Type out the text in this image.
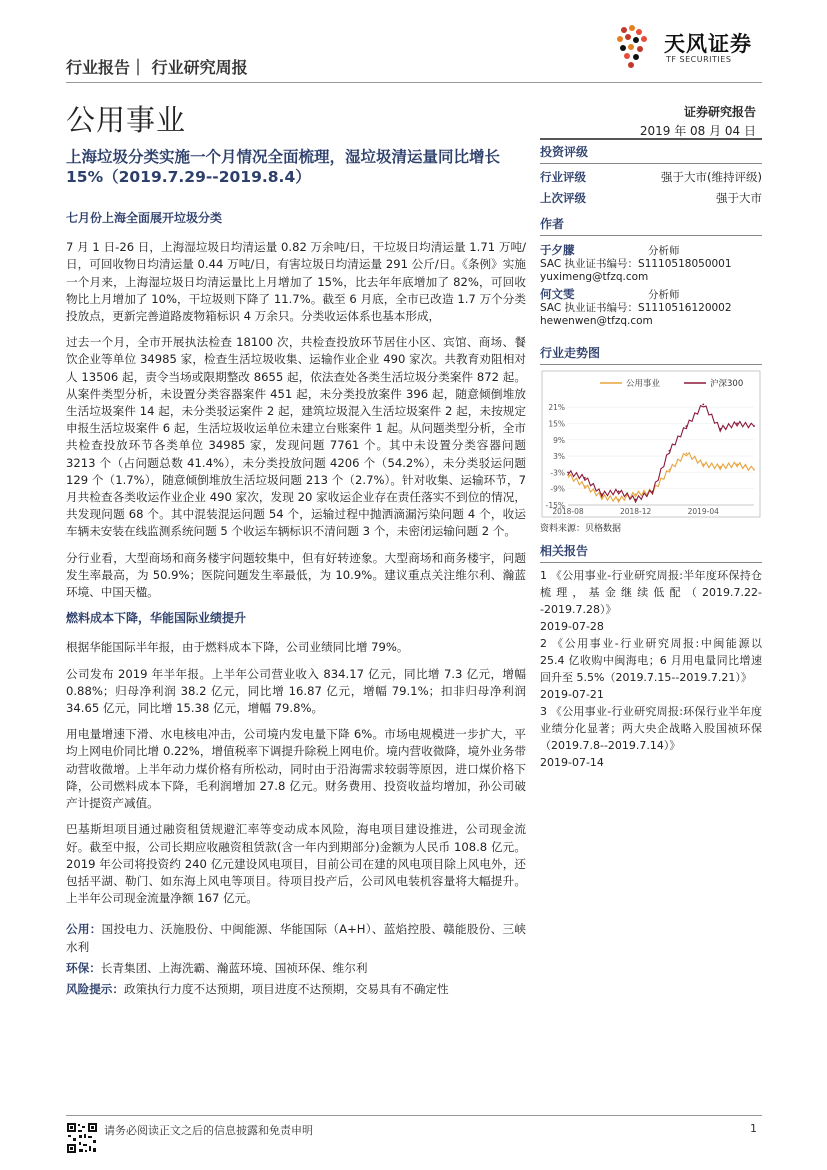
行业报告｜ 行业研究周报
天风证券
TF SECURITIES
公用事业	证券研究报告
2019 年 08 月 04 日
上海垃圾分类实施一个月情况全面梳理，湿垃圾清运量同比增长 15%（2019.7.29--2019.8.4）
七月份上海全面展开垃圾分类

7 月 1 日-26 日，上海湿垃圾日均清运量 0.82 万余吨/日，干垃圾日均清运量 1.71 万吨/日，可回收物日均清运量 0.44 万吨/日，有害垃圾日均清运量 291 公斤/日。《条例》实施一个月来，上海湿垃圾日均清运量比上月增加了 15%，比去年年底增加了 82%，可回收物比上月增加了 10%，干垃圾则下降了 11.7%。截至 6 月底，全市已改造 1.7 万个分类投放点，更新完善道路废物箱标识 4 万余只。分类收运体系也基本形成，

过去一个月，全市开展执法检查 18100 次，共检查投放环节居住小区、宾馆、商场、餐饮企业等单位 34985 家，检查生活垃圾收集、运输作业企业 490 家次。共教育劝阻相对人 13506 起，责令当场或限期整改 8655 起，依法查处各类生活垃圾分类案件 872 起。从案件类型分析，未设置分类容器案件 451 起，未分类投放案件 396 起，随意倾倒堆放生活垃圾案件 14 起，未分类驳运案件 2 起，建筑垃圾混入生活垃圾案件 2 起，未按规定申报生活垃圾案件 6 起，生活垃圾收运单位未建立台账案件 1 起。从问题类型分析，全市共检查投放环节各类单位 34985 家，发现问题 7761 个。其中未设置分类容器问题 3213 个（占问题总数 41.4%），未分类投放问题 4206 个（54.2%），未分类驳运问题 129 个（1.7%），随意倾倒堆放生活垃圾问题 213 个（2.7%）。针对收集、运输环节，7 月共检查各类收运作业企业 490 家次，发现 20 家收运企业存在责任落实不到位的情况，共发现问题 68 个。其中混装混运问题 54 个，运输过程中抛洒滴漏污染问题 4 个，收运车辆未安装在线监测系统问题 5 个收运车辆标识不清问题 3 个，未密闭运输问题 2 个。

分行业看，大型商场和商务楼宇问题较集中，但有好转迹象。大型商场和商务楼宇，问题发生率最高，为 50.9%；医院问题发生率最低，为 10.9%。建议重点关注维尔利、瀚蓝环境、中国天楹。

燃料成本下降，华能国际业绩提升

根据华能国际半年报，由于燃料成本下降，公司业绩同比增 79%。

公司发布 2019 年半年报。上半年公司营业收入 834.17 亿元，同比增 7.3 亿元，增幅 0.88%；归母净利润 38.2 亿元，同比增 16.87 亿元，增幅 79.1%；扣非归母净利润 34.65 亿元，同比增 15.38 亿元，增幅 79.8%。

用电量增速下滑、水电核电冲击，公司境内发电量下降 6%。市场电规模进一步扩大，平均上网电价同比增 0.22%，增值税率下调提升除税上网电价。境内营收微降，境外业务带动营收微增。上半年动力煤价格有所松动，同时由于沿海需求较弱等原因，进口煤价格下降，公司燃料成本下降，毛利润增加 27.8 亿元。财务费用、投资收益均增加，孙公司破产计提资产减值。

巴基斯坦项目通过融资租赁规避汇率等变动成本风险，海电项目建设推进，公司现金流好。截至中报，公司长期应收融资租赁款(含一年内到期部分)金额为人民币 108.8 亿元。2019 年公司将投资约 240 亿元建设风电项目，目前公司在建的风电项目除上风电外，还包括平湖、勒门、如东海上风电等项目。待项目投产后，公司风电装机容量将大幅提升。上半年公司现金流量净额 167 亿元。

公用：国投电力、沃施股份、中闽能源、华能国际（A+H）、蓝焰控股、赣能股份、三峡水利

环保：长青集团、上海洗霸、瀚蓝环境、国祯环保、维尔利

风险提示：政策执行力度不达预期，项目进度不达预期，交易具有不确定性

投资评级
行业评级	强于大市(维持评级)
上次评级	强于大市
作者
于夕朦	分析师
SAC 执业证书编号：S1110518050001
yuximeng@tfzq.com
何文雯	分析师
SAC 执业证书编号：S1110516120002
hewenwen@tfzq.com
行业走势图
公用事业	沪深300
21%
15%
9%
3%
-3%
-9%
-15%
2018-08	2018-12	2019-04
资料来源：贝格数据
相关报告

1 《公用事业-行业研究周报:半年度环保持仓梳理，基金继续低配（2019.7.22--2019.7.28）》

2019-07-28

2 《公用事业-行业研究周报:中闽能源以 25.4 亿收购中闽海电；6 月用电量同比增速回升至 5.5%（2019.7.15--2019.7.21）》

2019-07-21

3 《公用事业-行业研究周报:环保行业半年度业绩分化显著；两大央企战略入股国祯环保（2019.7.8--2019.7.14）》

2019-07-14

请务必阅读正文之后的信息披露和免责申明	1
